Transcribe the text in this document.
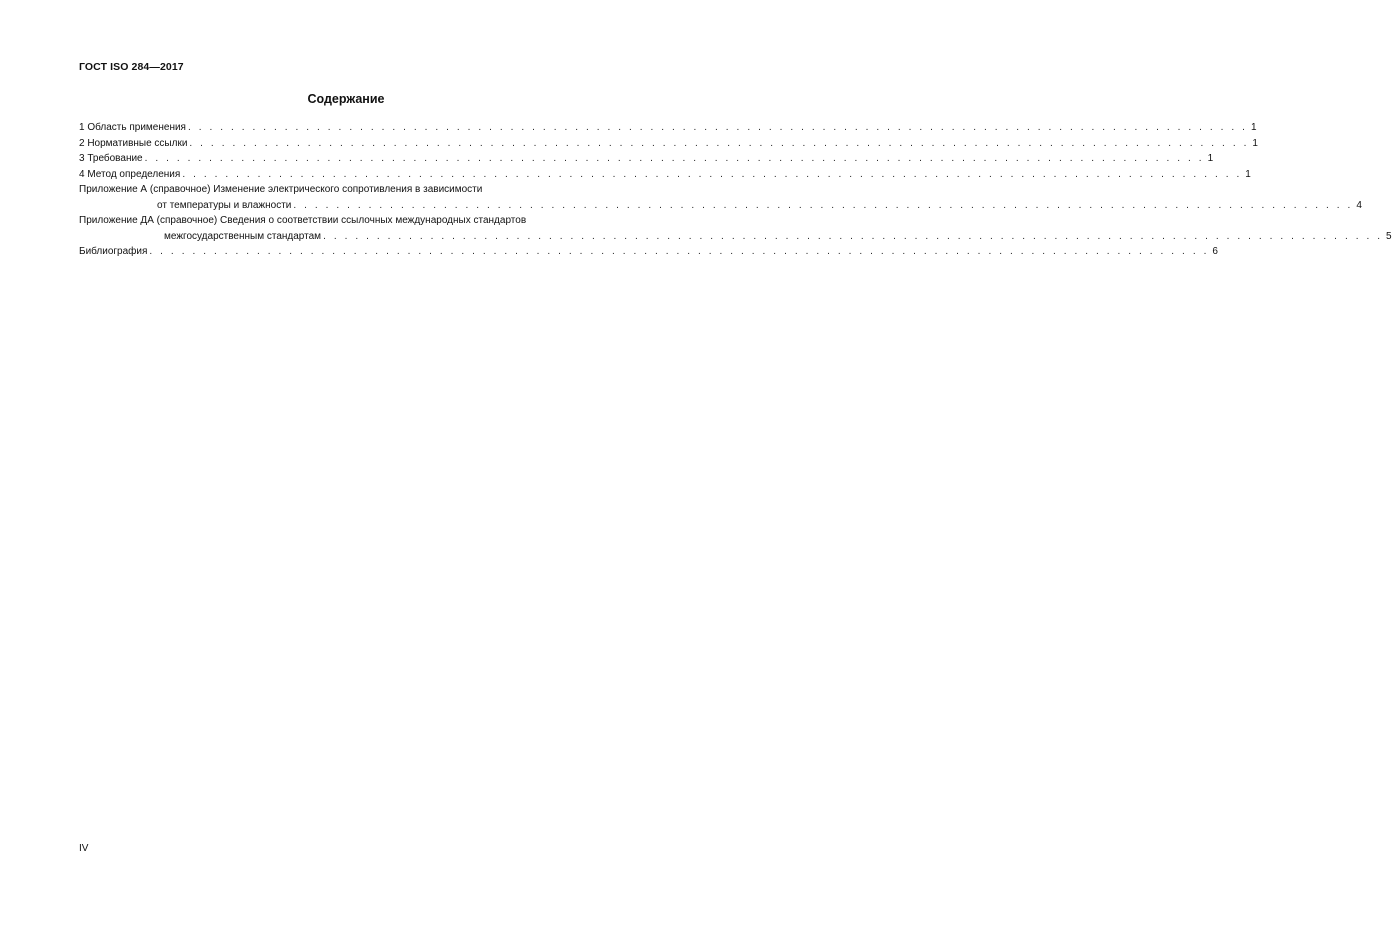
ГОСТ ISO 284—2017
Содержание
1 Область применения . . . . . . . . . . . . . . . . . . . . . . . . . . . . . . . . . . . . . . . . . . . . . . . . . . . . . . . . . . . . . . . . . . . . . . . . . . . . . . . . . . . . . . . . . . . . . . . . . . . 1
2 Нормативные ссылки . . . . . . . . . . . . . . . . . . . . . . . . . . . . . . . . . . . . . . . . . . . . . . . . . . . . . . . . . . . . . . . . . . . . . . . . . . . . . . . . . . . . . . . . . . . . . . . . . . . 1
3 Требование . . . . . . . . . . . . . . . . . . . . . . . . . . . . . . . . . . . . . . . . . . . . . . . . . . . . . . . . . . . . . . . . . . . . . . . . . . . . . . . . . . . . . . . . . . . . . . . . . . . 1
4 Метод определения . . . . . . . . . . . . . . . . . . . . . . . . . . . . . . . . . . . . . . . . . . . . . . . . . . . . . . . . . . . . . . . . . . . . . . . . . . . . . . . . . . . . . . . . . . . . . . . . . . . 1
Приложение А (справочное) Изменение электрического сопротивления в зависимости
от температуры и влажности . . . . . . . . . . . . . . . . . . . . . . . . . . . . . . . . . . . . . . . . . . . . . . . . . . . . . . . . . . . . . . . . . . . . . . . . . . . . . . . . . . . . . . . . . . . . . . . . . . . 4
Приложение ДА (справочное) Сведения о соответствии ссылочных международных стандартов
межгосударственным стандартам . . . . . . . . . . . . . . . . . . . . . . . . . . . . . . . . . . . . . . . . . . . . . . . . . . . . . . . . . . . . . . . . . . . . . . . . . . . . . . . . . . . . . . . . . . . . . . . . . . . 5
Библиография . . . . . . . . . . . . . . . . . . . . . . . . . . . . . . . . . . . . . . . . . . . . . . . . . . . . . . . . . . . . . . . . . . . . . . . . . . . . . . . . . . . . . . . . . . . . . . . . . . . 6
IV
